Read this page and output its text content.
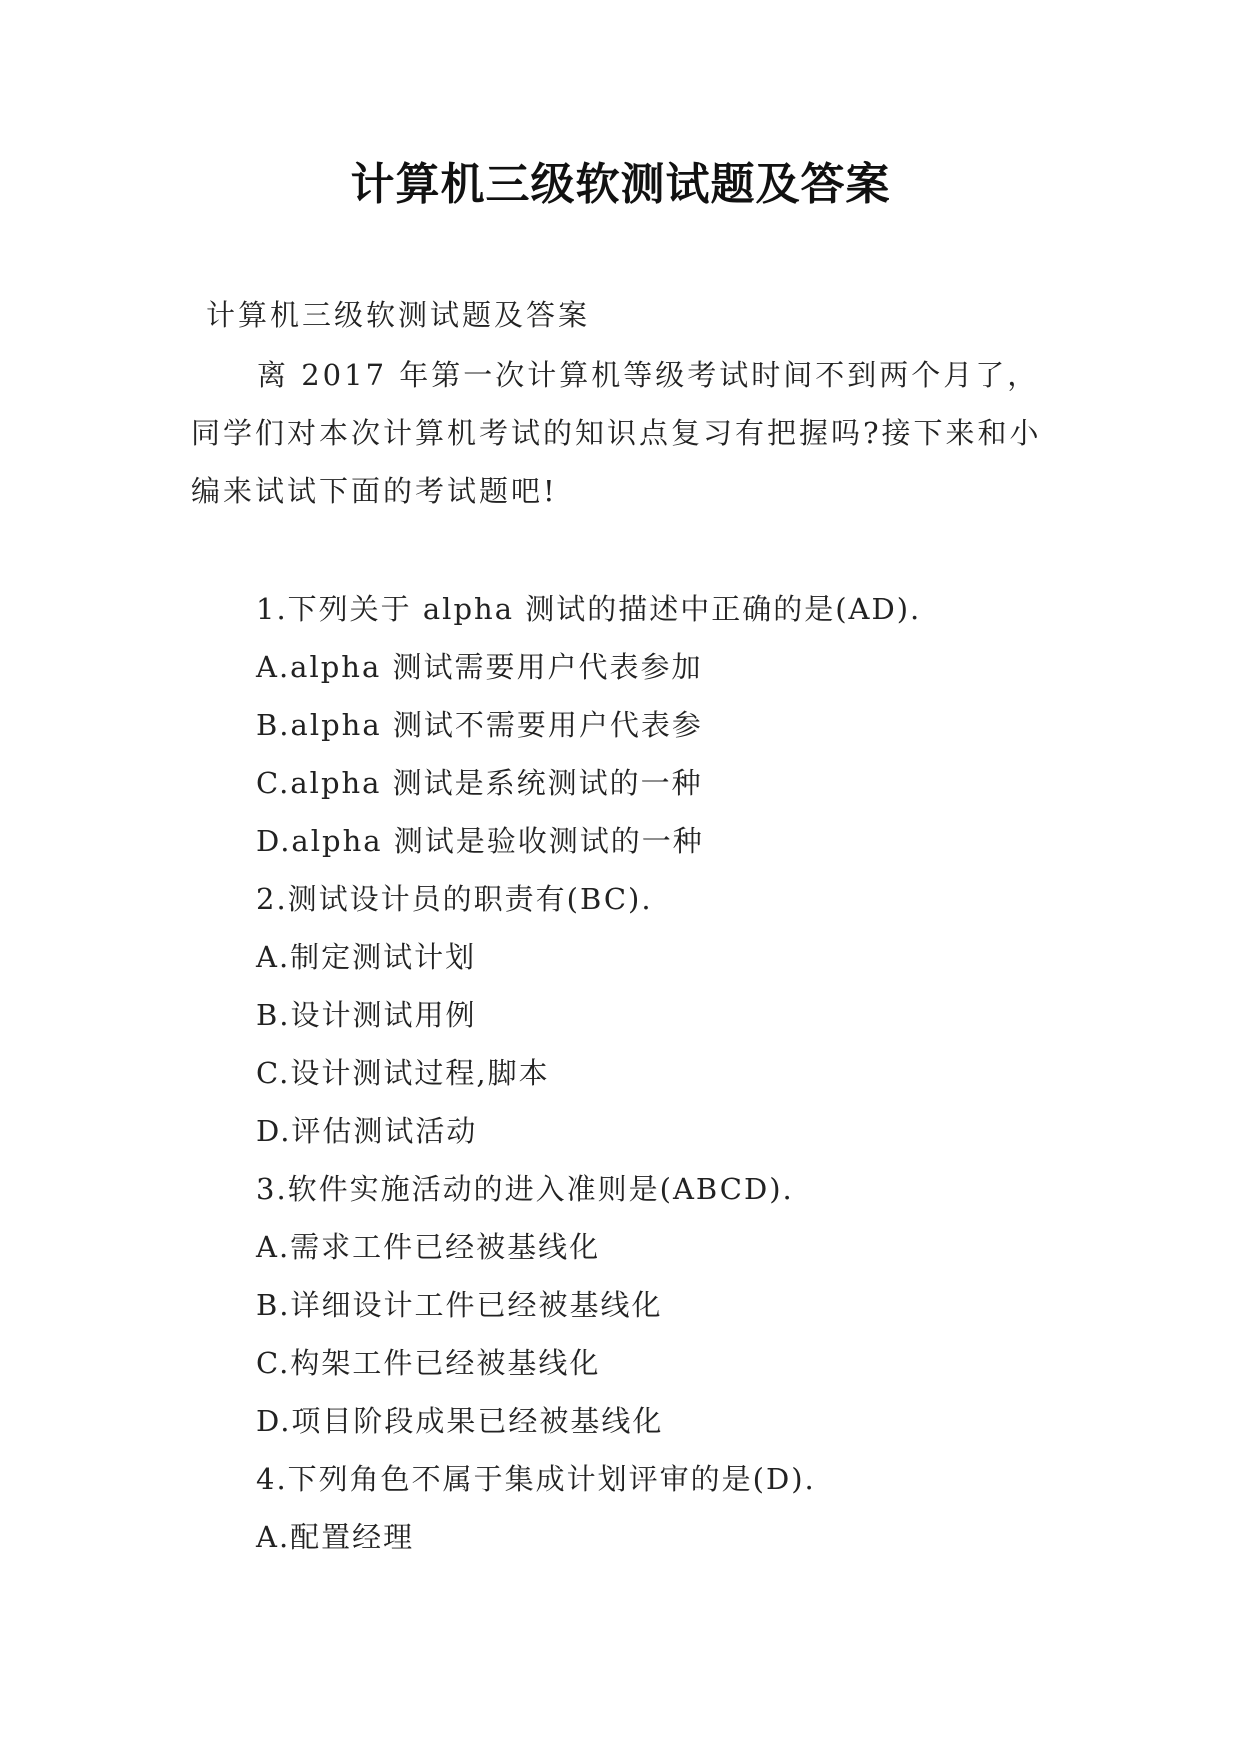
计算机三级软测试题及答案

计算机三级软测试题及答案

离 2017 年第一次计算机等级考试时间不到两个月了，同学们对本次计算机考试的知识点复习有把握吗?接下来和小编来试试下面的考试题吧!

1.下列关于 alpha 测试的描述中正确的是(AD).
A.alpha 测试需要用户代表参加
B.alpha 测试不需要用户代表参
C.alpha 测试是系统测试的一种
D.alpha 测试是验收测试的一种
2.测试设计员的职责有(BC).
A.制定测试计划
B.设计测试用例
C.设计测试过程,脚本
D.评估测试活动
3.软件实施活动的进入准则是(ABCD).
A.需求工件已经被基线化
B.详细设计工件已经被基线化
C.构架工件已经被基线化
D.项目阶段成果已经被基线化
4.下列角色不属于集成计划评审的是(D).
A.配置经理
